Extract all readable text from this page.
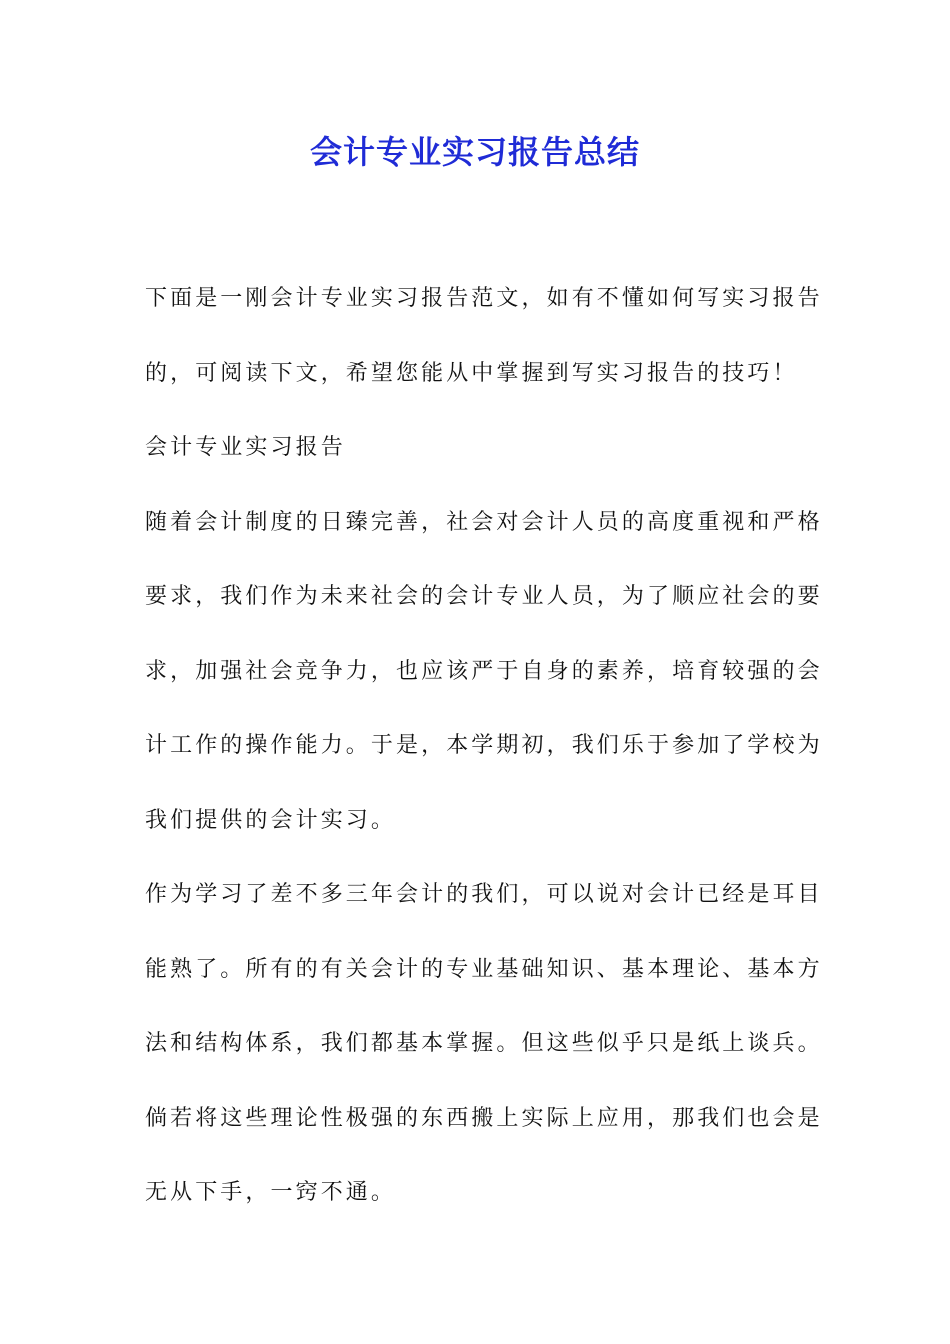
会计专业实习报告总结
下面是一刚会计专业实习报告范文，如有不懂如何写实习报告
的，可阅读下文，希望您能从中掌握到写实习报告的技巧！
会计专业实习报告
随着会计制度的日臻完善，社会对会计人员的高度重视和严格
要求，我们作为未来社会的会计专业人员，为了顺应社会的要
求，加强社会竞争力，也应该严于自身的素养，培育较强的会
计工作的操作能力。于是，本学期初，我们乐于参加了学校为
我们提供的会计实习。
作为学习了差不多三年会计的我们，可以说对会计已经是耳目
能熟了。所有的有关会计的专业基础知识、基本理论、基本方
法和结构体系，我们都基本掌握。但这些似乎只是纸上谈兵。
倘若将这些理论性极强的东西搬上实际上应用，那我们也会是
无从下手，一窍不通。
